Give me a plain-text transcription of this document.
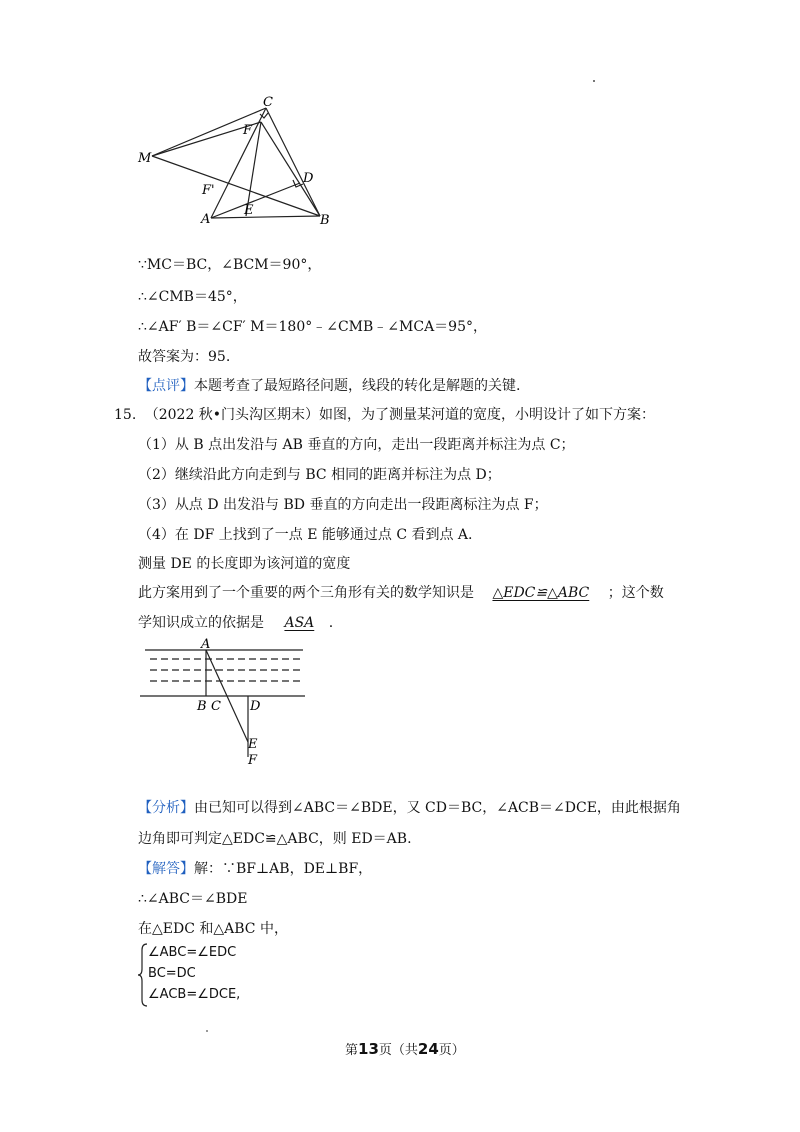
C
F
M
F'
D
A
E
B
∵MC＝BC，∠BCM＝90°，
∴∠CMB＝45°，
∴∠AF′ B＝∠CF′ M＝180°﹣∠CMB﹣∠MCA＝95°，
故答案为：95.
【点评】本题考查了最短路径问题，线段的转化是解题的关键.
15. （2022 秋•门头沟区期末）如图，为了测量某河道的宽度，小明设计了如下方案：
（1）从 B 点出发沿与 AB 垂直的方向，走出一段距离并标注为点 C；
（2）继续沿此方向走到与 BC 相同的距离并标注为点 D；
（3）从点 D 出发沿与 BD 垂直的方向走出一段距离标注为点 F；
（4）在 DF 上找到了一点 E 能够通过点 C 看到点 A.
测量 DE 的长度即为该河道的宽度
此方案用到了一个重要的两个三角形有关的数学知识是 △EDC≌△ABC ；这个数
学知识成立的依据是 ASA .
A
B C D
E
F
【分析】由已知可以得到∠ABC＝∠BDE，又 CD＝BC，∠ACB＝∠DCE，由此根据角
边角即可判定△EDC≌△ABC，则 ED＝AB.
【解答】解：∵BF⊥AB，DE⊥BF，
∴∠ABC＝∠BDE
在△EDC 和△ABC 中，
∠ABC=∠EDC
BC=DC
∠ACB=∠DCE,
第13页（共24页）
